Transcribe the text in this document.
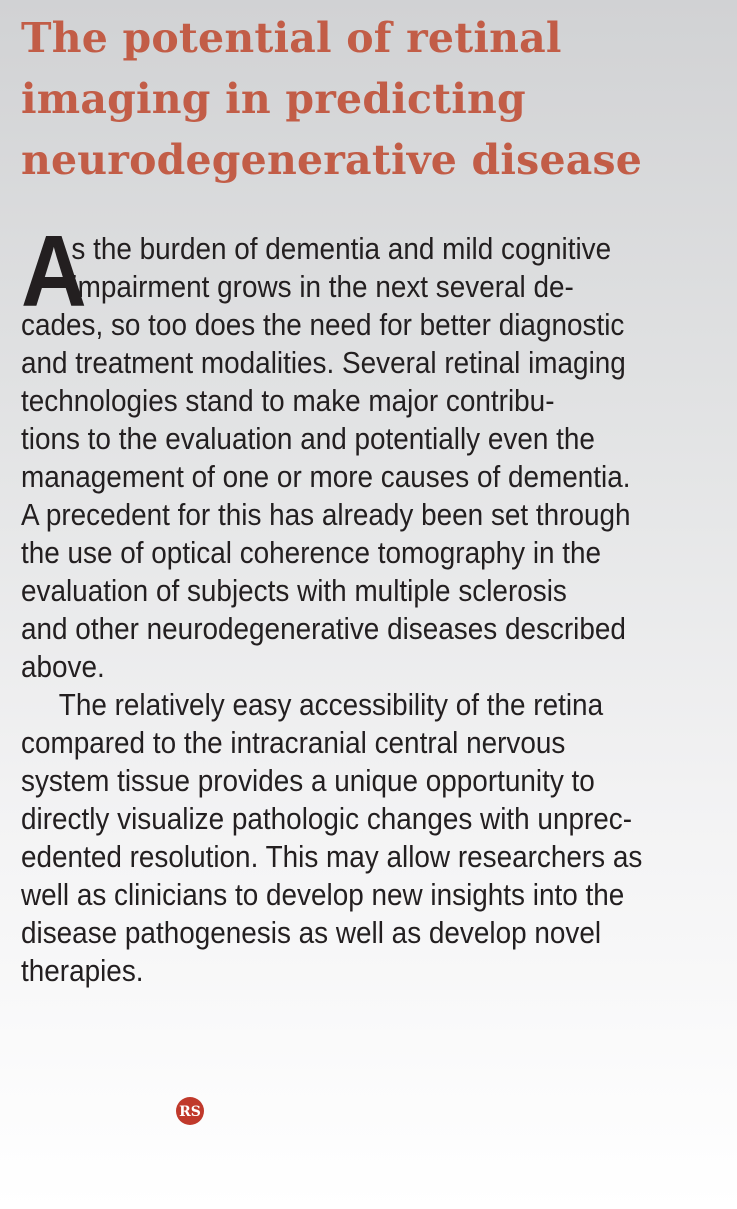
The potential of retinal
imaging in predicting
neurodegenerative disease
A
s the burden of dementia and mild cognitive
impairment grows in the next several de-
cades, so too does the need for better diagnostic
and treatment modalities. Several retinal imaging
technologies stand to make major contribu-
tions to the evaluation and potentially even the
management of one or more causes of dementia.
A precedent for this has already been set through
the use of optical coherence tomography in the
evaluation of subjects with multiple sclerosis
and other neurodegenerative diseases described
above.
The relatively easy accessibility of the retina
compared to the intracranial central nervous
system tissue provides a unique opportunity to
directly visualize pathologic changes with unprec-
edented resolution. This may allow researchers as
well as clinicians to develop new insights into the
disease pathogenesis as well as develop novel
therapies.
RS
